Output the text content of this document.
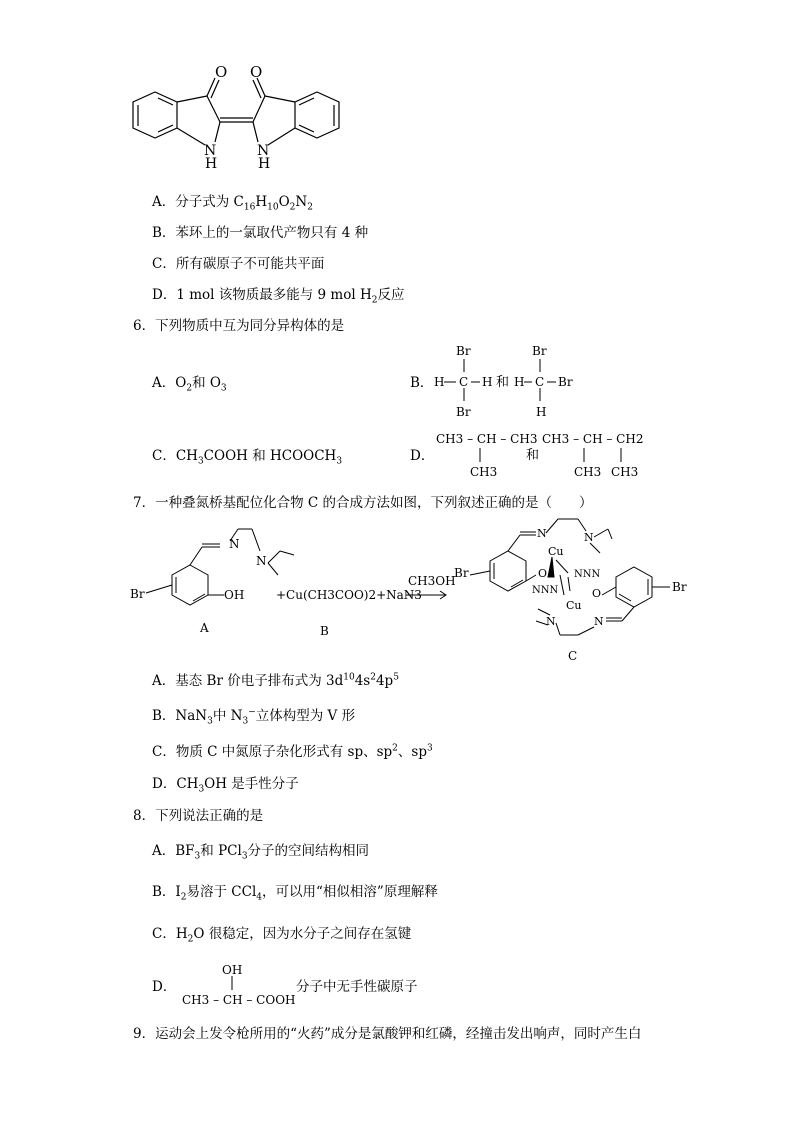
O O
N
H
N
H
A．分子式为 $C_{16}H_{10}O_2N_2$
B．苯环上的一氯取代产物只有 4 种
C．所有碳原子不可能共平面
D．1 mol 该物质最多能与 9 mol $H_2$反应
6．下列物质中互为同分异构体的是
A．$O_2$和 $O_3$	B．
Br
H C H
Br
和
Br
H C Br
H
C．$CH_3COOH$ 和 $HCOOCH_3$	D．
CH3 – CH – CH3
CH3
和
CH3 – CH – CH2
CH3 CH3
7．一种叠氮桥基配位化合物 C 的合成方法如图，下列叙述正确的是（　　）
N
N
Br	OH
A
+Cu(CH3COO)2+NaN3
B
CH3OH
Br
N	N
Cu
O	NNN
NNN
Cu
O	Br
N
N
C
A．基态 Br 价电子排布式为 $3d^{10}4s^24p^5$
B．NaN$_3$中 $N_3^-$立体构型为 V 形
C．物质 C 中氮原子杂化形式有 sp、$sp^2$、$sp^3$
D．$CH_3OH$ 是手性分子
8．下列说法正确的是
A．$BF_3$和 PCl$_3$分子的空间结构相同
B．$I_2$易溶于 CCl$_4$，可以用“相似相溶”原理解释
C．$H_2O$ 很稳定，因为水分子之间存在氢键
D．
OH
CH3 – CH – COOH
分子中无手性碳原子
9．运动会上发令枪所用的“火药”成分是氯酸钾和红磷，经撞击发出响声，同时产生白
